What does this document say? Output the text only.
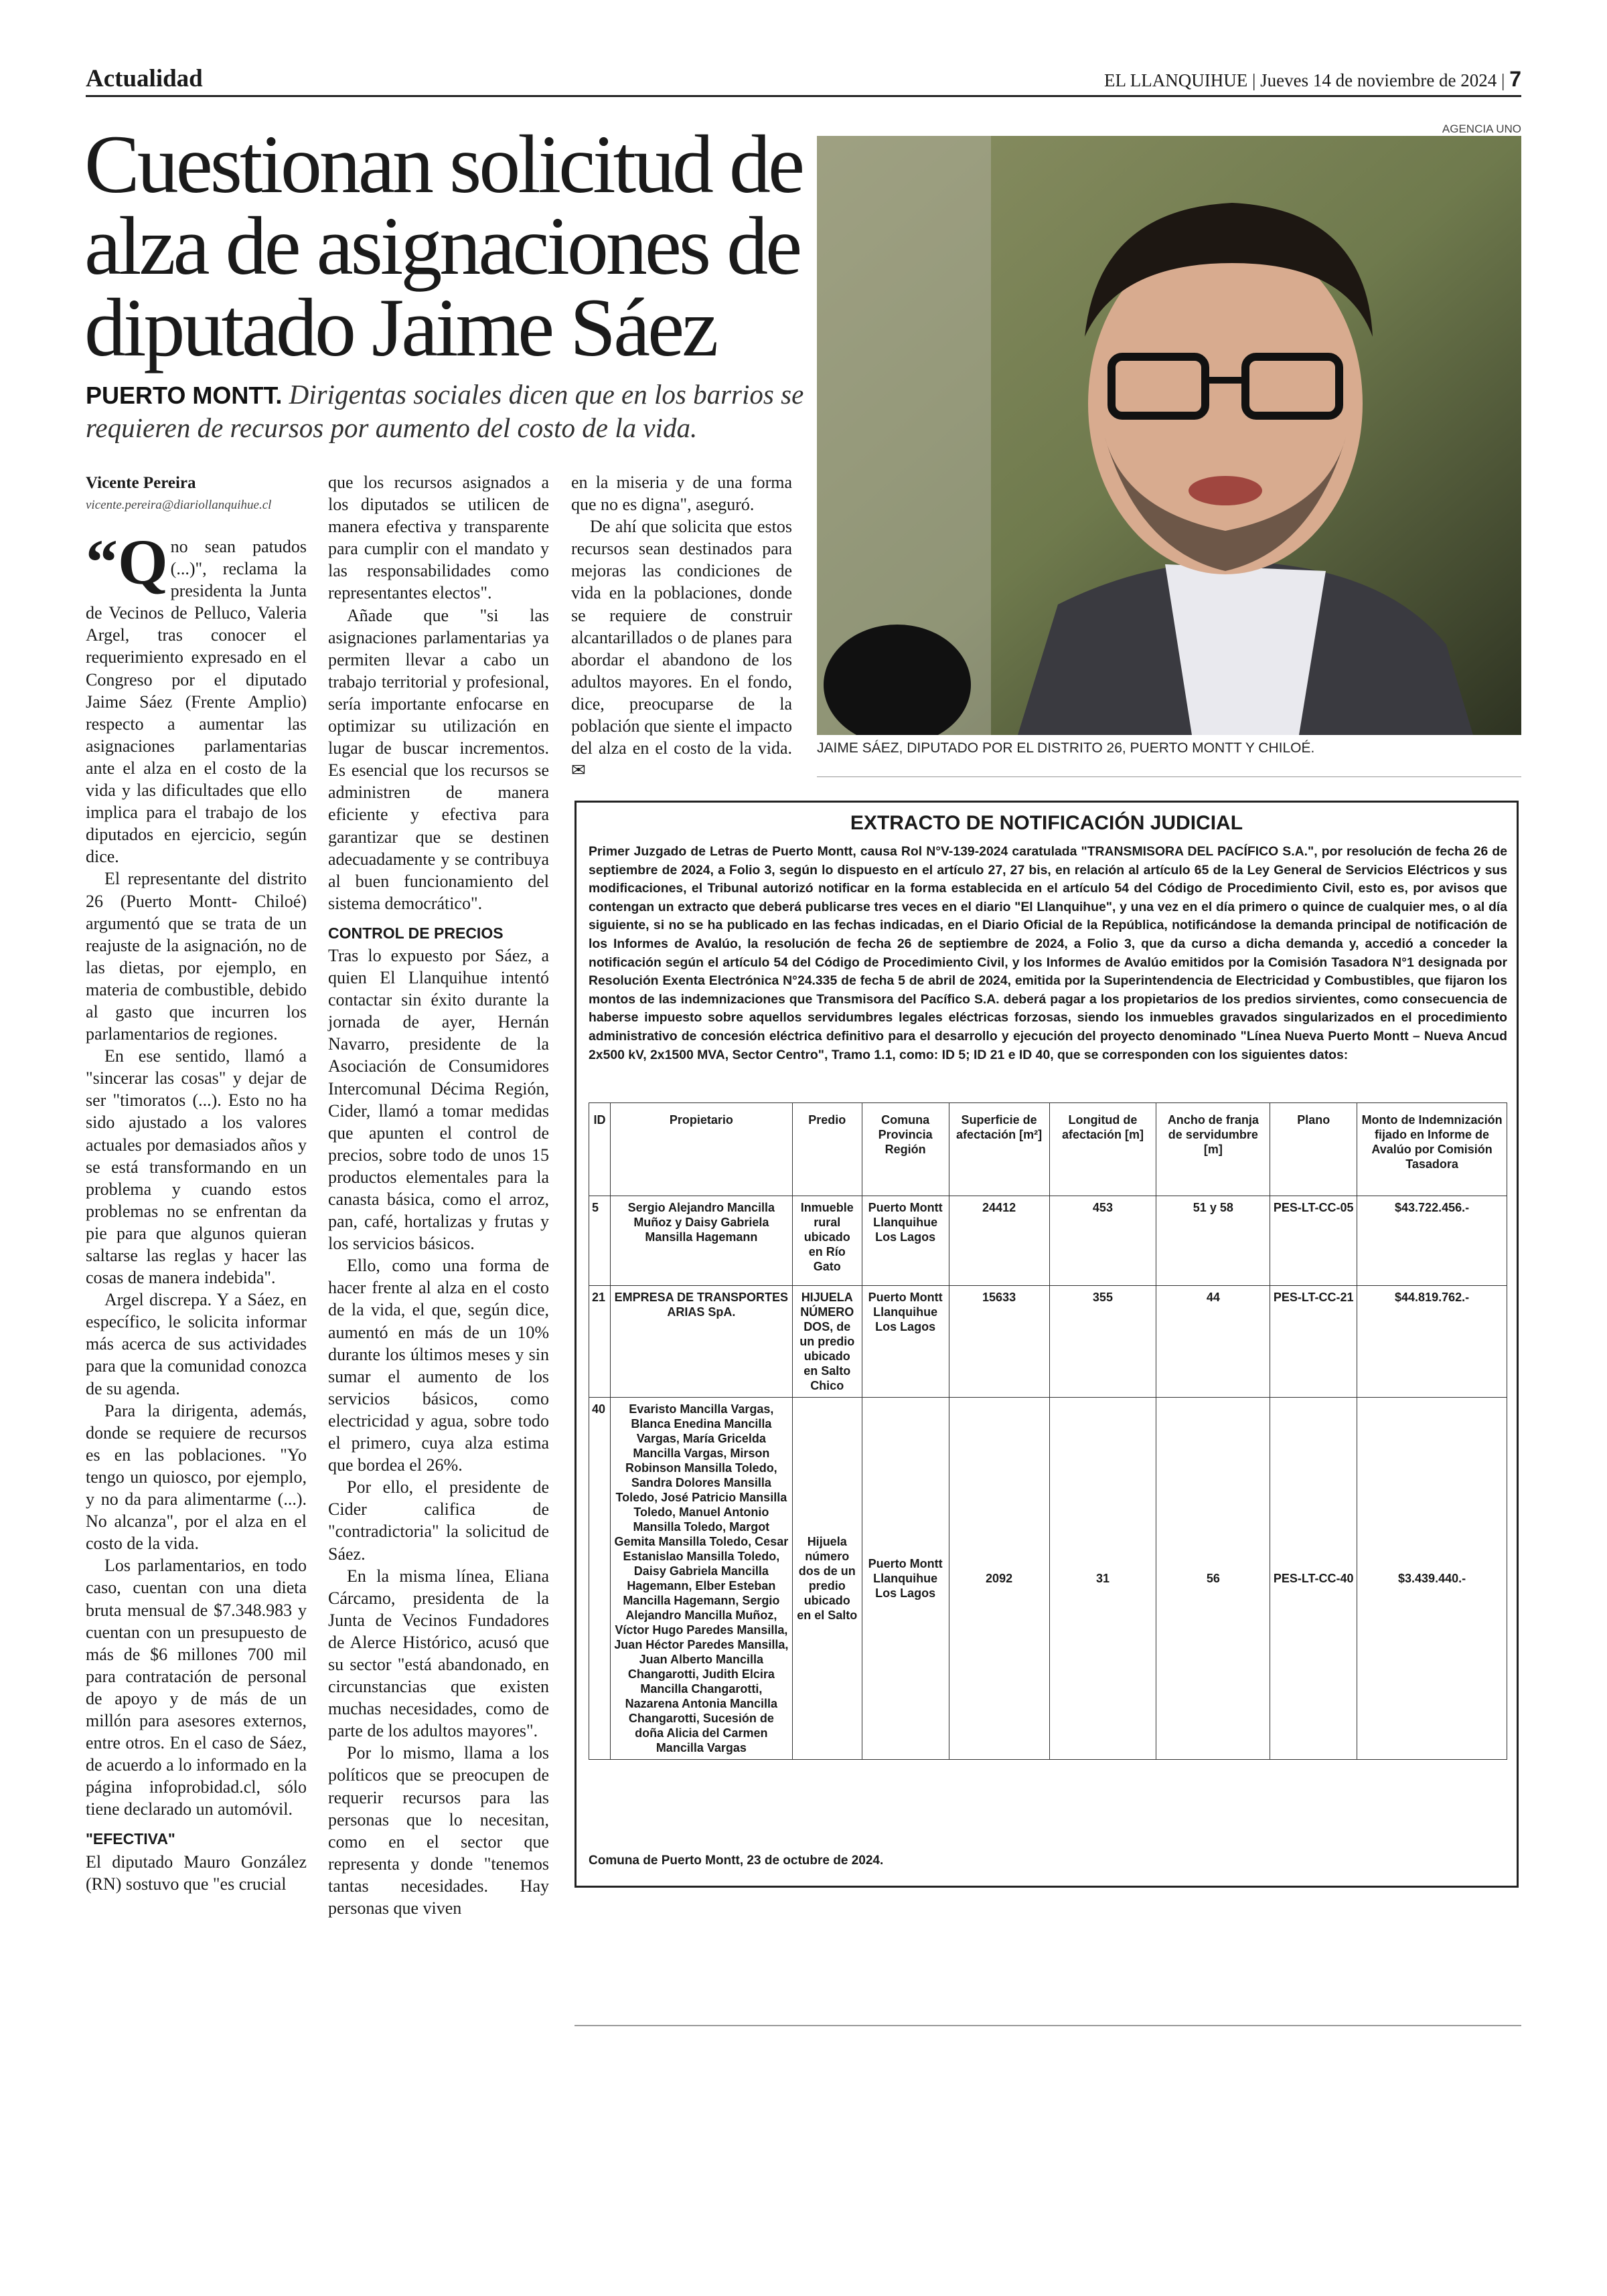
Actualidad	EL LLANQUIHUE | Jueves 14 de noviembre de 2024 | 7
Cuestionan solicitud de alza de asignaciones de diputado Jaime Sáez
PUERTO MONTT. Dirigentas sociales dicen que en los barrios se requieren de recursos por aumento del costo de la vida.
AGENCIA UNO
JAIME SÁEZ, DIPUTADO POR EL DISTRITO 26, PUERTO MONTT Y CHILOÉ.
Vicente Pereira
vicente.pereira@diariollanquihue.cl

“Qno sean patudos (...)", reclama la presidenta la Junta de Vecinos de Pelluco, Valeria Argel, tras conocer el requerimiento expresado en el Congreso por el diputado Jaime Sáez (Frente Amplio) respecto a aumentar las asignaciones parlamentarias ante el alza en el costo de la vida y las dificultades que ello implica para el trabajo de los diputados en ejercicio, según dice.

El representante del distrito 26 (Puerto Montt- Chiloé) argumentó que se trata de un reajuste de la asignación, no de las dietas, por ejemplo, en materia de combustible, debido al gasto que incurren los parlamentarios de regiones.

En ese sentido, llamó a "sincerar las cosas" y dejar de ser "timoratos (...). Esto no ha sido ajustado a los valores actuales por demasiados años y se está transformando en un problema y cuando estos problemas no se enfrentan da pie para que algunos quieran saltarse las reglas y hacer las cosas de manera indebida".

Argel discrepa. Y a Sáez, en específico, le solicita informar más acerca de sus actividades para que la comunidad conozca de su agenda.

Para la dirigenta, además, donde se requiere de recursos es en las poblaciones. "Yo tengo un quiosco, por ejemplo, y no da para alimentarme (...). No alcanza", por el alza en el costo de la vida.

Los parlamentarios, en todo caso, cuentan con una dieta bruta mensual de $7.348.983 y cuentan con un presupuesto de más de $6 millones 700 mil para contratación de personal de apoyo y de más de un millón para asesores externos, entre otros. En el caso de Sáez, de acuerdo a lo informado en la página infoprobidad.cl, sólo tiene declarado un automóvil.

"EFECTIVA"

El diputado Mauro González (RN) sostuvo que "es crucial

que los recursos asignados a los diputados se utilicen de manera efectiva y transparente para cumplir con el mandato y las responsabilidades como representantes electos".

Añade que "si las asignaciones parlamentarias ya permiten llevar a cabo un trabajo territorial y profesional, sería importante enfocarse en optimizar su utilización en lugar de buscar incrementos. Es esencial que los recursos se administren de manera eficiente y efectiva para garantizar que se destinen adecuadamente y se contribuya al buen funcionamiento del sistema democrático".

CONTROL DE PRECIOS

Tras lo expuesto por Sáez, a quien El Llanquihue intentó contactar sin éxito durante la jornada de ayer, Hernán Navarro, presidente de la Asociación de Consumidores Intercomunal Décima Región, Cider, llamó a tomar medidas que apunten el control de precios, sobre todo de unos 15 productos elementales para la canasta básica, como el arroz, pan, café, hortalizas y frutas y los servicios básicos.

Ello, como una forma de hacer frente al alza en el costo de la vida, el que, según dice, aumentó en más de un 10% durante los últimos meses y sin sumar el aumento de los servicios básicos, como electricidad y agua, sobre todo el primero, cuya alza estima que bordea el 26%.

Por ello, el presidente de Cider califica de "contradictoria" la solicitud de Sáez.

En la misma línea, Eliana Cárcamo, presidenta de la Junta de Vecinos Fundadores de Alerce Histórico, acusó que su sector "está abandonado, en circunstancias que existen muchas necesidades, como de parte de los adultos mayores".

Por lo mismo, llama a los políticos que se preocupen de requerir recursos para las personas que lo necesitan, como en el sector que representa y donde "tenemos tantas necesidades. Hay personas que viven

en la miseria y de una forma que no es digna", aseguró.

De ahí que solicita que estos recursos sean destinados para mejoras las condiciones de vida en la poblaciones, donde se requiere de construir alcantarillados o de planes para abordar el abandono de los adultos mayores. En el fondo, dice, preocuparse de la población que siente el impacto del alza en el costo de la vida. ✉

EXTRACTO DE NOTIFICACIÓN JUDICIAL
Primer Juzgado de Letras de Puerto Montt, causa Rol N°V-139-2024 caratulada "TRANSMISORA DEL PACÍFICO S.A.", por resolución de fecha 26 de septiembre de 2024, a Folio 3, según lo dispuesto en el artículo 27, 27 bis, en relación al artículo 65 de la Ley General de Servicios Eléctricos y sus modificaciones, el Tribunal autorizó notificar en la forma establecida en el artículo 54 del Código de Procedimiento Civil, esto es, por avisos que contengan un extracto que deberá publicarse tres veces en el diario "El Llanquihue", y una vez en el día primero o quince de cualquier mes, o al día siguiente, si no se ha publicado en las fechas indicadas, en el Diario Oficial de la República, notificándose la demanda principal de notificación de los Informes de Avalúo, la resolución de fecha 26 de septiembre de 2024, a Folio 3, que da curso a dicha demanda y, accedió a conceder la notificación según el artículo 54 del Código de Procedimiento Civil, y los Informes de Avalúo emitidos por la Comisión Tasadora N°1 designada por Resolución Exenta Electrónica N°24.335 de fecha 5 de abril de 2024, emitida por la Superintendencia de Electricidad y Combustibles, que fijaron los montos de las indemnizaciones que Transmisora del Pacífico S.A. deberá pagar a los propietarios de los predios sirvientes, como consecuencia de haberse impuesto sobre aquellos servidumbres legales eléctricas forzosas, siendo los inmuebles gravados singularizados en el procedimiento administrativo de concesión eléctrica definitivo para el desarrollo y ejecución del proyecto denominado "Línea Nueva Puerto Montt – Nueva Ancud 2x500 kV, 2x1500 MVA, Sector Centro", Tramo 1.1, como: ID 5; ID 21 e ID 40, que se corresponden con los siguientes datos:
ID	Propietario	Predio	Comuna Provincia Región	Superficie de afectación [m²]	Longitud de afectación [m]	Ancho de franja de servidumbre [m]	Plano	Monto de Indemnización fijado en Informe de Avalúo por Comisión Tasadora
5	Sergio Alejandro Mancilla Muñoz y Daisy Gabriela Mansilla Hagemann	Inmueble rural ubicado en Río Gato	Puerto Montt Llanquihue Los Lagos	24412	453	51 y 58	PES-LT-CC-05	$43.722.456.-
21	EMPRESA DE TRANSPORTES ARIAS SpA.	HIJUELA NÚMERO DOS, de un predio ubicado en Salto Chico	Puerto Montt Llanquihue Los Lagos	15633	355	44	PES-LT-CC-21	$44.819.762.-
40	Evaristo Mancilla Vargas, Blanca Enedina Mancilla Vargas, María Gricelda Mancilla Vargas, Mirson Robinson Mansilla Toledo, Sandra Dolores Mansilla Toledo, José Patricio Mansilla Toledo, Manuel Antonio Mansilla Toledo, Margot Gemita Mansilla Toledo, Cesar Estanislao Mansilla Toledo, Daisy Gabriela Mancilla Hagemann, Elber Esteban Mancilla Hagemann, Sergio Alejandro Mancilla Muñoz, Víctor Hugo Paredes Mansilla, Juan Héctor Paredes Mansilla, Juan Alberto Mancilla Changarotti, Judith Elcira Mancilla Changarotti, Nazarena Antonia Mancilla Changarotti, Sucesión de doña Alicia del Carmen Mancilla Vargas	Hijuela número dos de un predio ubicado en el Salto	Puerto Montt Llanquihue Los Lagos	2092	31	56	PES-LT-CC-40	$3.439.440.-
Comuna de Puerto Montt, 23 de octubre de 2024.
